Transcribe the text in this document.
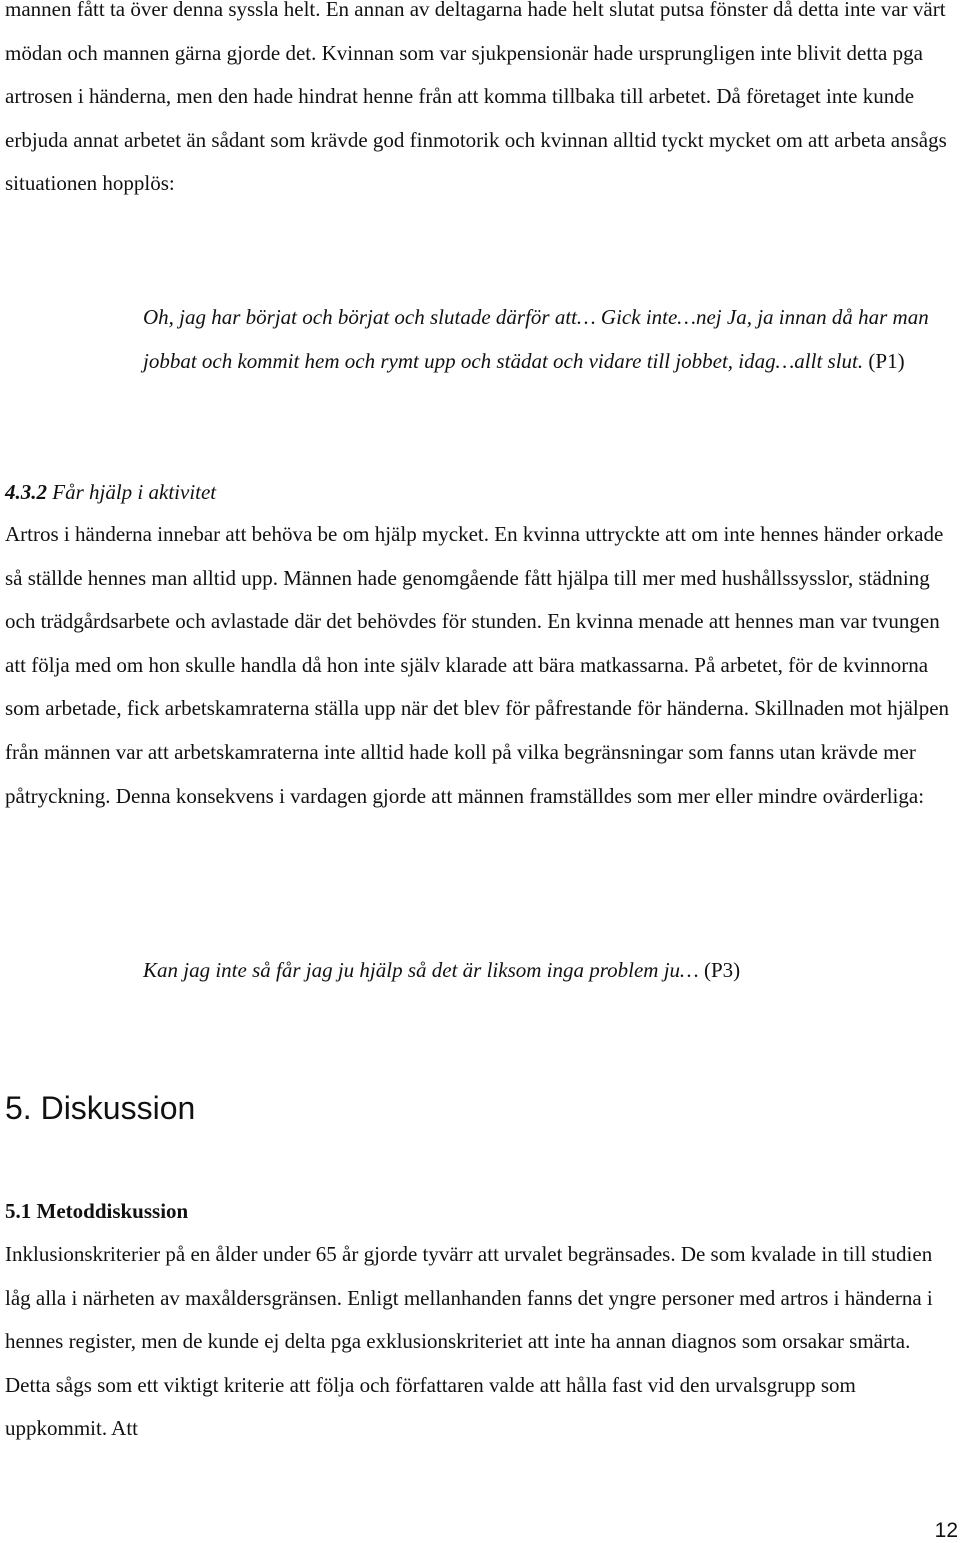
mannen fått ta över denna syssla helt. En annan av deltagarna hade helt slutat putsa fönster då detta inte var värt mödan och mannen gärna gjorde det. Kvinnan som var sjukpensionär hade ursprungligen inte blivit detta pga artrosen i händerna, men den hade hindrat henne från att komma tillbaka till arbetet. Då företaget inte kunde erbjuda annat arbetet än sådant som krävde god finmotorik och kvinnan alltid tyckt mycket om att arbeta ansågs situationen hopplös:

Oh, jag har börjat och börjat och slutade därför att… Gick inte…nej Ja, ja innan då har man jobbat och kommit hem och rymt upp och städat och vidare till jobbet, idag…allt slut. (P1)

4.3.2 Får hjälp i aktivitet

Artros i händerna innebar att behöva be om hjälp mycket. En kvinna uttryckte att om inte hennes händer orkade så ställde hennes man alltid upp. Männen hade genomgående fått hjälpa till mer med hushållssysslor, städning och trädgårdsarbete och avlastade där det behövdes för stunden. En kvinna menade att hennes man var tvungen att följa med om hon skulle handla då hon inte själv klarade att bära matkassarna. På arbetet, för de kvinnorna som arbetade, fick arbetskamraterna ställa upp när det blev för påfrestande för händerna. Skillnaden mot hjälpen från männen var att arbetskamraterna inte alltid hade koll på vilka begränsningar som fanns utan krävde mer påtryckning. Denna konsekvens i vardagen gjorde att männen framställdes som mer eller mindre ovärderliga:

Kan jag inte så får jag ju hjälp så det är liksom inga problem ju… (P3)

5. Diskussion
5.1 Metoddiskussion

Inklusionskriterier på en ålder under 65 år gjorde tyvärr att urvalet begränsades. De som kvalade in till studien låg alla i närheten av maxåldersgränsen. Enligt mellanhanden fanns det yngre personer med artros i händerna i hennes register, men de kunde ej delta pga exklusionskriteriet att inte ha annan diagnos som orsakar smärta. Detta sågs som ett viktigt kriterie att följa och författaren valde att hålla fast vid den urvalsgrupp som uppkommit. Att

12
